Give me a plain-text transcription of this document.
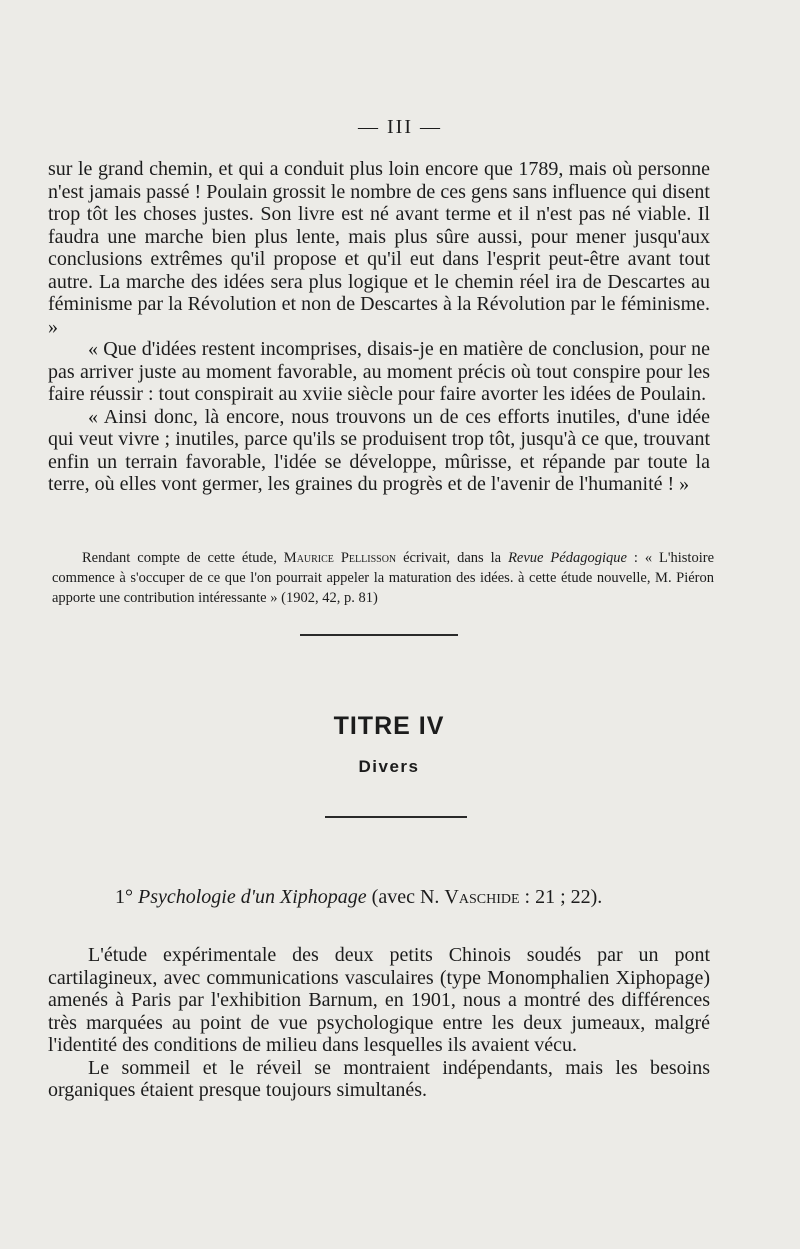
— III —

sur le grand chemin, et qui a conduit plus loin encore que 1789, mais où personne n'est jamais passé ! Poulain grossit le nombre de ces gens sans influence qui disent trop tôt les choses justes. Son livre est né avant terme et il n'est pas né viable. Il faudra une marche bien plus lente, mais plus sûre aussi, pour mener jusqu'aux conclusions extrêmes qu'il propose et qu'il eut dans l'esprit peut-être avant tout autre. La marche des idées sera plus logique et le chemin réel ira de Descartes au féminisme par la Révolution et non de Descartes à la Révolution par le féminisme. »

« Que d'idées restent incomprises, disais-je en matière de conclusion, pour ne pas arriver juste au moment favorable, au moment précis où tout conspire pour les faire réussir : tout conspirait au xviie siècle pour faire avorter les idées de Poulain.

« Ainsi donc, là encore, nous trouvons un de ces efforts inutiles, d'une idée qui veut vivre ; inutiles, parce qu'ils se produisent trop tôt, jusqu'à ce que, trouvant enfin un terrain favorable, l'idée se développe, mûrisse, et répande par toute la terre, où elles vont germer, les graines du progrès et de l'avenir de l'humanité ! »

Rendant compte de cette étude, Maurice Pellisson écrivait, dans la Revue Pédagogique : « L'histoire commence à s'occuper de ce que l'on pourrait appeler la maturation des idées. à cette étude nouvelle, M. Piéron apporte une contribution intéressante » (1902, 42, p. 81)

TITRE IV
Divers
1° Psychologie d'un Xiphopage (avec N. Vaschide : 21 ; 22).

L'étude expérimentale des deux petits Chinois soudés par un pont cartilagineux, avec communications vasculaires (type Monomphalien Xiphopage) amenés à Paris par l'exhibition Barnum, en 1901, nous a montré des différences très marquées au point de vue psychologique entre les deux jumeaux, malgré l'identité des conditions de milieu dans lesquelles ils avaient vécu.

Le sommeil et le réveil se montraient indépendants, mais les besoins organiques étaient presque toujours simultanés.
